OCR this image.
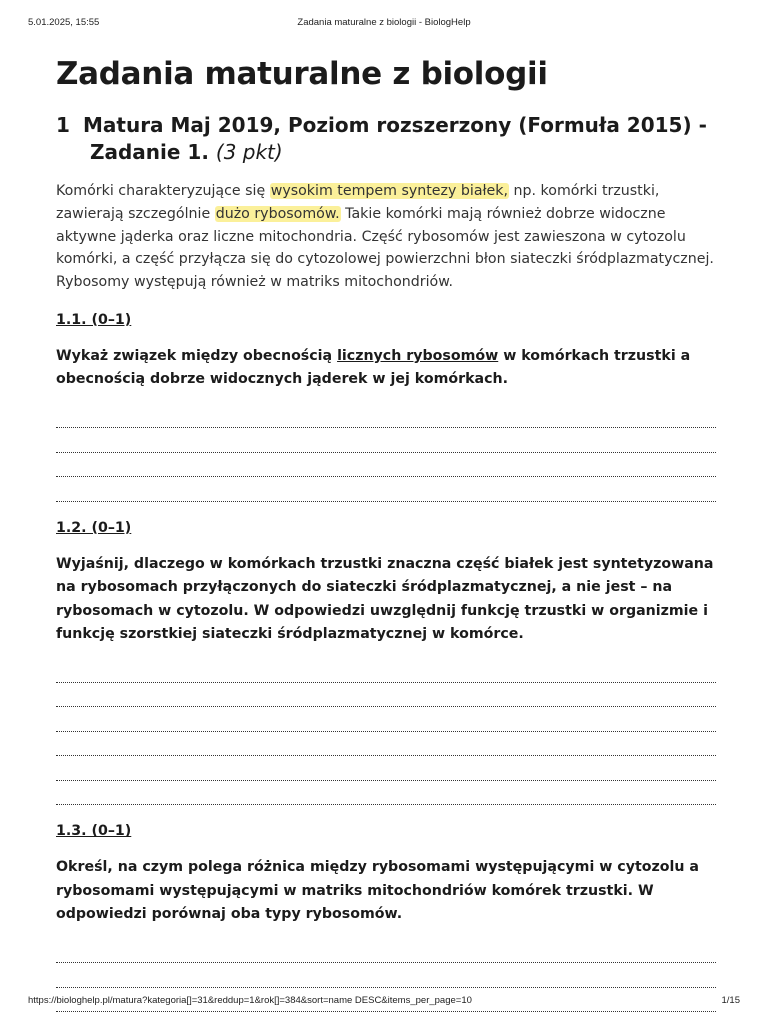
5.01.2025, 15:55	Zadania maturalne z biologii - BiologHelp
Zadania maturalne z biologii
1 Matura Maj 2019, Poziom rozszerzony (Formuła 2015) -
Zadanie 1. (3 pkt)

Komórki charakteryzujące się wysokim tempem syntezy białek, np. komórki trzustki, zawierają szczególnie dużo rybosomów. Takie komórki mają również dobrze widoczne aktywne jąderka oraz liczne mitochondria. Część rybosomów jest zawieszona w cytozolu komórki, a część przyłącza się do cytozolowej powierzchni błon siateczki śródplazmatycznej. Rybosomy występują również w matriks mitochondriów.

1.1. (0–1)

Wykaż związek między obecnością licznych rybosomów w komórkach trzustki a obecnością dobrze widocznych jąderek w jej komórkach.

1.2. (0–1)

Wyjaśnij, dlaczego w komórkach trzustki znaczna część białek jest syntetyzowana na rybosomach przyłączonych do siateczki śródplazmatycznej, a nie jest – na rybosomach w cytozolu. W odpowiedzi uwzględnij funkcję trzustki w organizmie i funkcję szorstkiej siateczki śródplazmatycznej w komórce.

1.3. (0–1)

Określ, na czym polega różnica między rybosomami występującymi w cytozolu a rybosomami występującymi w matriks mitochondriów komórek trzustki. W odpowiedzi porównaj oba typy rybosomów.

https://biologhelp.pl/matura?kategoria[]=31&reddup=1&rok[]=384&sort=name DESC&items_per_page=10	1/15
